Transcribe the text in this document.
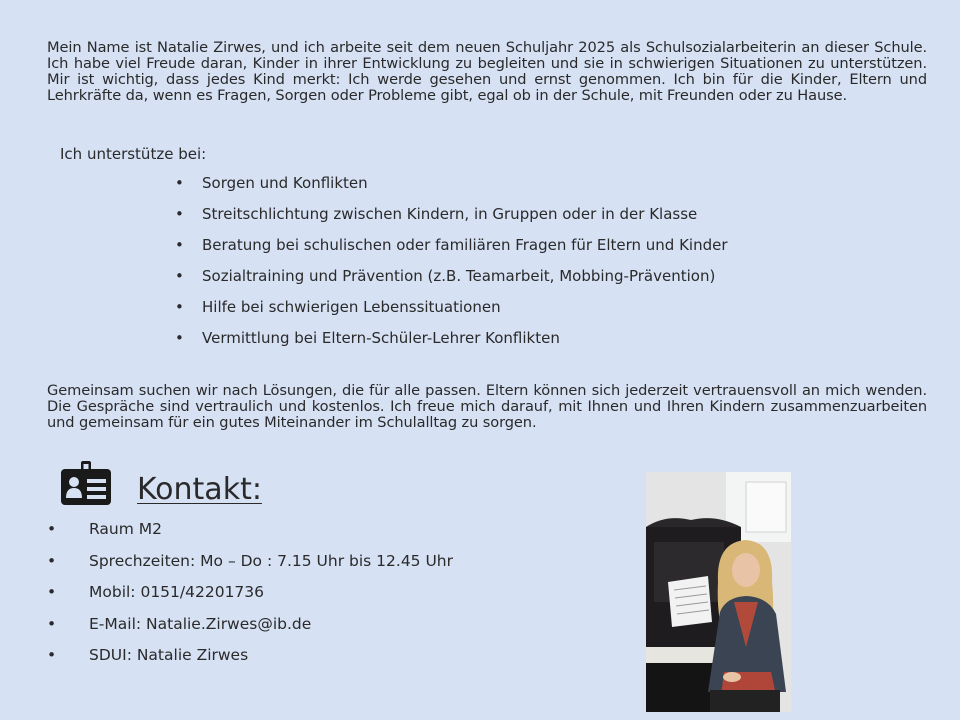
Mein Name ist Natalie Zirwes, und ich arbeite seit dem neuen Schuljahr 2025 als Schulsozialarbeiterin an dieser Schule. Ich habe viel Freude daran, Kinder in ihrer Entwicklung zu begleiten und sie in schwierigen Situationen zu unterstützen. Mir ist wichtig, dass jedes Kind merkt: Ich werde gesehen und ernst genommen. Ich bin für die Kinder, Eltern und Lehrkräfte da, wenn es Fragen, Sorgen oder Probleme gibt, egal ob in der Schule, mit Freunden oder zu Hause.

Ich unterstütze bei:

•	Sorgen und Konflikten
•	Streitschlichtung zwischen Kindern, in Gruppen oder in der Klasse
•	Beratung bei schulischen oder familiären Fragen für Eltern und Kinder
•	Sozialtraining und Prävention (z.B. Teamarbeit, Mobbing-Prävention)
•	Hilfe bei schwierigen Lebenssituationen
•	Vermittlung bei Eltern-Schüler-Lehrer Konflikten

Gemeinsam suchen wir nach Lösungen, die für alle passen. Eltern können sich jederzeit vertrauensvoll an mich wenden. Die Gespräche sind vertraulich und kostenlos. Ich freue mich darauf, mit Ihnen und Ihren Kindern zusammenzuarbeiten und gemeinsam für ein gutes Miteinander im Schulalltag zu sorgen.

Kontakt:
•	Raum M2
•	Sprechzeiten: Mo – Do : 7.15 Uhr bis 12.45 Uhr
•	Mobil: 0151/42201736
•	E-Mail: Natalie.Zirwes@ib.de
•	SDUI: Natalie Zirwes
